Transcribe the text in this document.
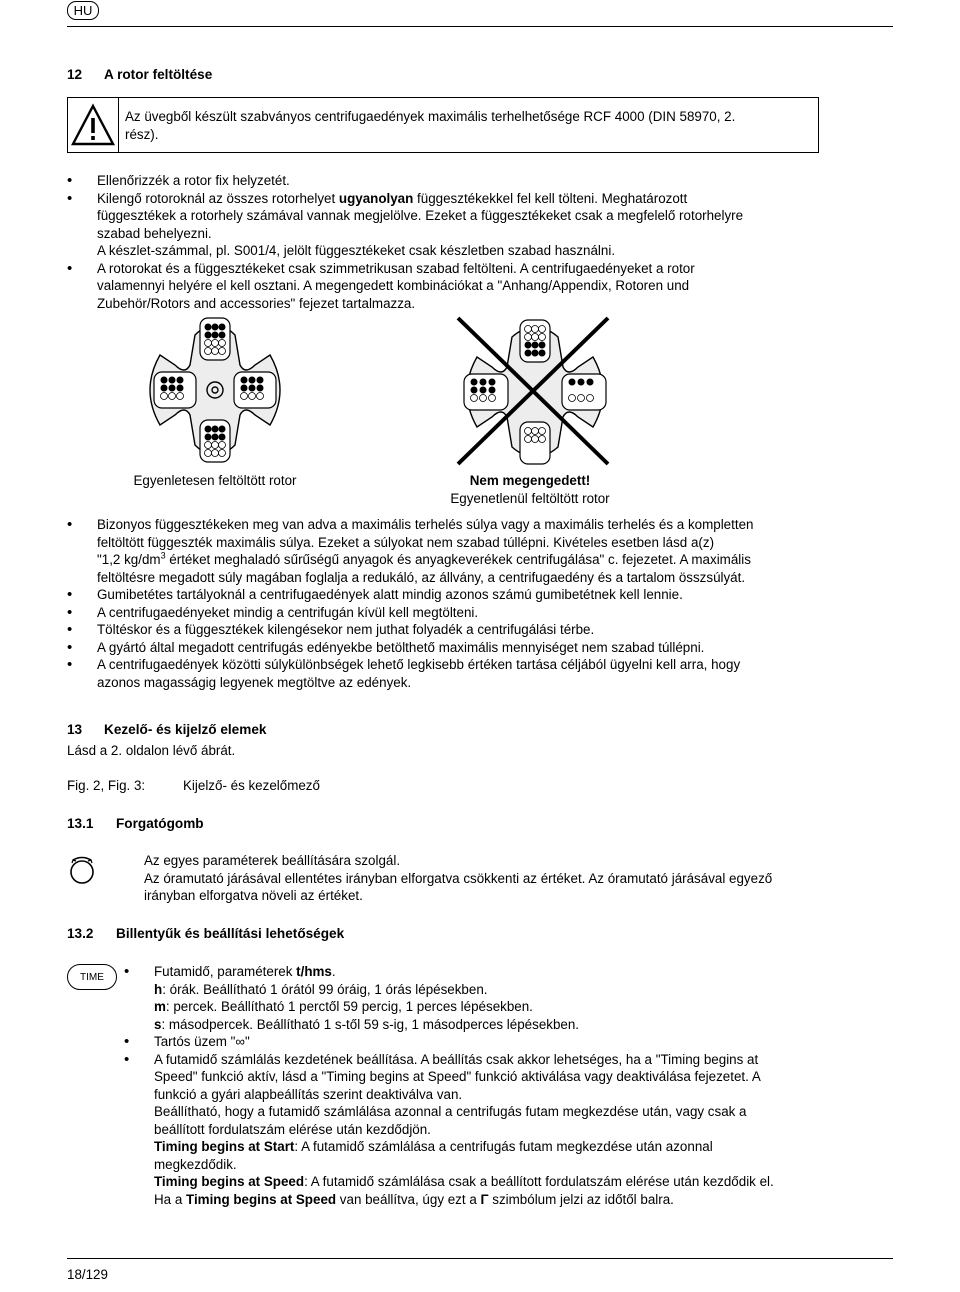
HU
12 A rotor feltöltése
Az üvegből készült szabványos centrifugaedények maximális terhelhetősége RCF 4000 (DIN 58970, 2.
rész).
• Ellenőrizzék a rotor fix helyzetét.
• Kilengő rotoroknál az összes rotorhelyet ugyanolyan függesztékekkel fel kell tölteni. Meghatározott
függesztékek a rotorhely számával vannak megjelölve. Ezeket a függesztékeket csak a megfelelő rotorhelyre
szabad behelyezni.
A készlet-számmal, pl. S001/4, jelölt függesztékeket csak készletben szabad használni.
• A rotorokat és a függesztékeket csak szimmetrikusan szabad feltölteni. A centrifugaedényeket a rotor
valamennyi helyére el kell osztani. A megengedett kombinációkat a "Anhang/Appendix, Rotoren und
Zubehör/Rotors and accessories" fejezet tartalmazza.
Egyenletesen feltöltött rotor	Nem megengedett!
Egyenetlenül feltöltött rotor
• Bizonyos függesztékeken meg van adva a maximális terhelés súlya vagy a maximális terhelés és a kompletten
feltöltött függeszték maximális súlya. Ezeket a súlyokat nem szabad túllépni. Kivételes esetben lásd a(z)
"1,2 $kg/dm^3$ értéket meghaladó sűrűségű anyagok és anyagkeverékek centrifugálása" c. fejezetet. A maximális
feltöltésre megadott súly magában foglalja a redukáló, az állvány, a centrifugaedény és a tartalom összsúlyát.
• Gumibetétes tartályoknál a centrifugaedények alatt mindig azonos számú gumibetétnek kell lennie.
• A centrifugaedényeket mindig a centrifugán kívül kell megtölteni.
• Töltéskor és a függesztékek kilengésekor nem juthat folyadék a centrifugálási térbe.
• A gyártó által megadott centrifugás edényekbe betölthető maximális mennyiséget nem szabad túllépni.
• A centrifugaedények közötti súlykülönbségek lehető legkisebb értéken tartása céljából ügyelni kell arra, hogy
azonos magasságig legyenek megtöltve az edények.
13 Kezelő- és kijelző elemek
Lásd a 2. oldalon lévő ábrát.
Fig. 2, Fig. 3:	Kijelző- és kezelőmező
13.1 Forgatógomb
Az egyes paraméterek beállítására szolgál.
Az óramutató járásával ellentétes irányban elforgatva csökkenti az értéket. Az óramutató járásával egyező
irányban elforgatva növeli az értéket.
13.2 Billentyűk és beállítási lehetőségek
TIME
•	Futamidő, paraméterek t/hms.
h: órák. Beállítható 1 órától 99 óráig, 1 órás lépésekben.
m: percek. Beállítható 1 perctől 59 percig, 1 perces lépésekben.
s: másodpercek. Beállítható 1 s-től 59 s-ig, 1 másodperces lépésekben.
• Tartós üzem "∞"
• A futamidő számlálás kezdetének beállítása. A beállítás csak akkor lehetséges, ha a "Timing begins at
Speed" funkció aktív, lásd a "Timing begins at Speed" funkció aktiválása vagy deaktiválása fejezetet. A
funkció a gyári alapbeállítás szerint deaktiválva van.
Beállítható, hogy a futamidő számlálása azonnal a centrifugás futam megkezdése után, vagy csak a
beállított fordulatszám elérése után kezdődjön.
Timing begins at Start: A futamidő számlálása a centrifugás futam megkezdése után azonnal
megkezdődik.
Timing begins at Speed: A futamidő számlálása csak a beállított fordulatszám elérése után kezdődik el.
Ha a Timing begins at Speed van beállítva, úgy ezt a Γ szimbólum jelzi az időtől balra.
18/129
